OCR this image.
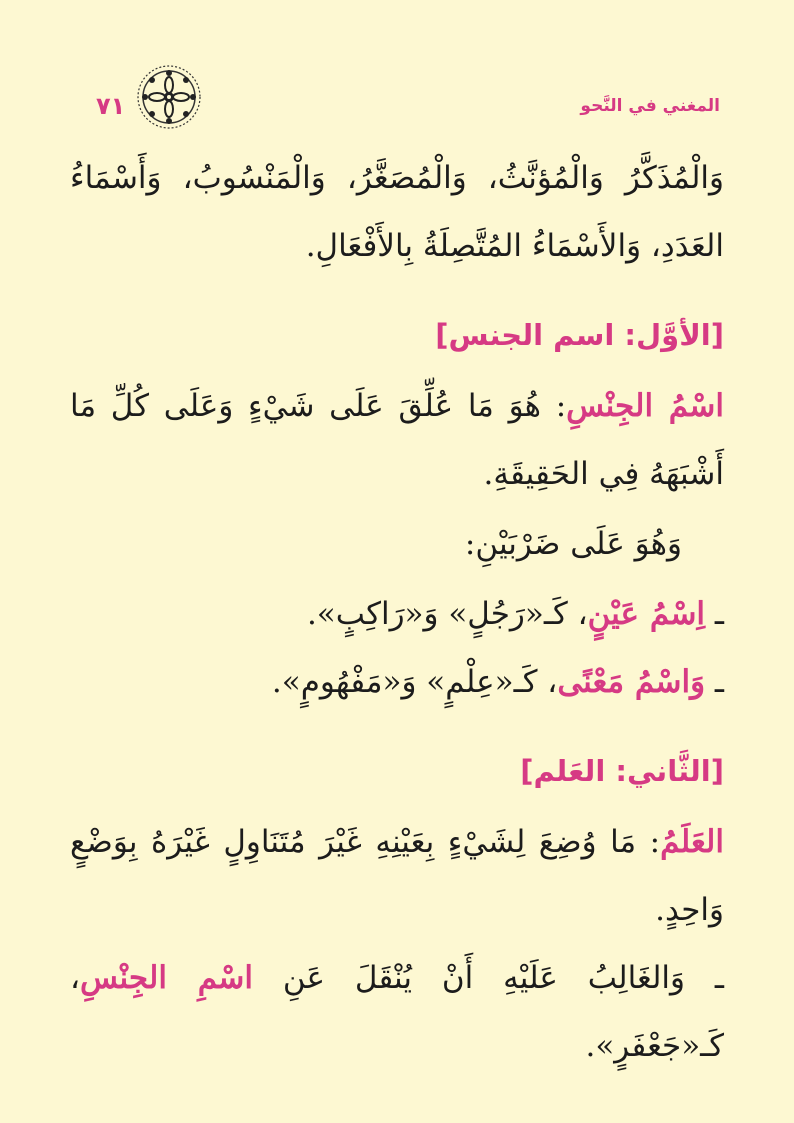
٧١	المغني في النَّحو
وَالْمُذَكَّرُ وَالْمُؤنَّثُ، وَالْمُصَغَّرُ، وَالْمَنْسُوبُ، وَأَسْمَاءُ
العَدَدِ، وَالأَسْمَاءُ المُتَّصِلَةُ بِالأَفْعَالِ.
[الأوَّل: اسم الجنس]
اسْمُ الجِنْسِ: هُوَ مَا عُلِّقَ عَلَى شَيْءٍ وَعَلَى كُلِّ مَا
أَشْبَهَهُ فِي الحَقِيقَةِ.
وَهُوَ عَلَى ضَرْبَيْنِ:
ـ اِسْمُ عَيْنٍ، كَـ«رَجُلٍ» وَ«رَاكِبٍ».
ـ وَاسْمُ مَعْنًى، كَـ«عِلْمٍ» وَ«مَفْهُومٍ».
[الثَّاني: العَلم]
العَلَمُ: مَا وُضِعَ لِشَيْءٍ بِعَيْنِهِ غَيْرَ مُتَنَاوِلٍ غَيْرَهُ بِوَضْعٍ
وَاحِدٍ.
ـ وَالغَالِبُ عَلَيْهِ أَنْ يُنْقَلَ عَنِ اسْمِ الجِنْسِ،
كَـ«جَعْفَرٍ».
